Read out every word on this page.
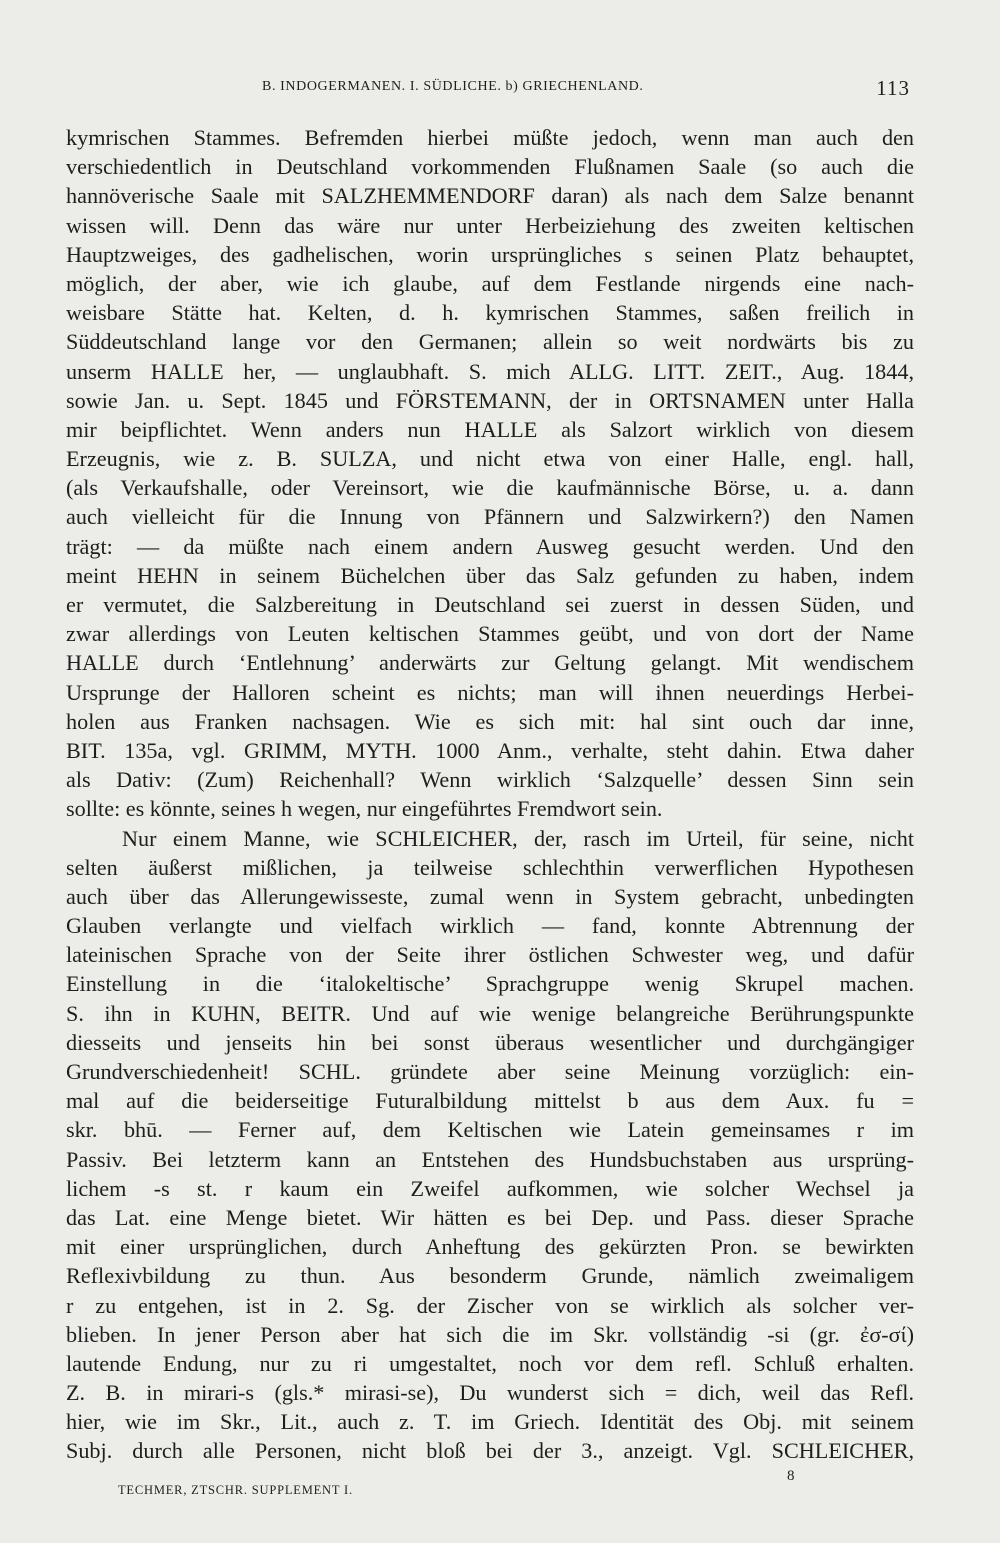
B. INDOGERMANEN. I. SÜDLICHE. b) GRIECHENLAND.	113
kymrischen Stammes. Befremden hierbei müßte jedoch, wenn man auch den
verschiedentlich in Deutschland vorkommenden Flußnamen Saale (so auch die
hannöverische Saale mit SALZHEMMENDORF daran) als nach dem Salze benannt
wissen will. Denn das wäre nur unter Herbeiziehung des zweiten keltischen
Hauptzweiges, des gadhelischen, worin ursprüngliches s seinen Platz behauptet,
möglich, der aber, wie ich glaube, auf dem Festlande nirgends eine nach-
weisbare Stätte hat. Kelten, d. h. kymrischen Stammes, saßen freilich in
Süddeutschland lange vor den Germanen; allein so weit nordwärts bis zu
unserm HALLE her, — unglaubhaft. S. mich ALLG. LITT. ZEIT., Aug. 1844,
sowie Jan. u. Sept. 1845 und FÖRSTEMANN, der in ORTSNAMEN unter Halla
mir beipflichtet. Wenn anders nun HALLE als Salzort wirklich von diesem
Erzeugnis, wie z. B. SULZA, und nicht etwa von einer Halle, engl. hall,
(als Verkaufshalle, oder Vereinsort, wie die kaufmännische Börse, u. a. dann
auch vielleicht für die Innung von Pfännern und Salzwirkern?) den Namen
trägt: — da müßte nach einem andern Ausweg gesucht werden. Und den
meint HEHN in seinem Büchelchen über das Salz gefunden zu haben, indem
er vermutet, die Salzbereitung in Deutschland sei zuerst in dessen Süden, und
zwar allerdings von Leuten keltischen Stammes geübt, und von dort der Name
HALLE durch ‘Entlehnung’ anderwärts zur Geltung gelangt. Mit wendischem
Ursprunge der Halloren scheint es nichts; man will ihnen neuerdings Herbei-
holen aus Franken nachsagen. Wie es sich mit: hal sint ouch dar inne,
BIT. 135a, vgl. GRIMM, MYTH. 1000 Anm., verhalte, steht dahin. Etwa daher
als Dativ: (Zum) Reichenhall? Wenn wirklich ‘Salzquelle’ dessen Sinn sein
sollte: es könnte, seines h wegen, nur eingeführtes Fremdwort sein.
Nur einem Manne, wie SCHLEICHER, der, rasch im Urteil, für seine, nicht
selten äußerst mißlichen, ja teilweise schlechthin verwerflichen Hypothesen
auch über das Allerungewisseste, zumal wenn in System gebracht, unbedingten
Glauben verlangte und vielfach wirklich — fand, konnte Abtrennung der
lateinischen Sprache von der Seite ihrer östlichen Schwester weg, und dafür
Einstellung in die ‘italokeltische’ Sprachgruppe wenig Skrupel machen.
S. ihn in KUHN, BEITR. Und auf wie wenige belangreiche Berührungspunkte
diesseits und jenseits hin bei sonst überaus wesentlicher und durchgängiger
Grundverschiedenheit! SCHL. gründete aber seine Meinung vorzüglich: ein-
mal auf die beiderseitige Futuralbildung mittelst b aus dem Aux. fu =
skr. bhū. — Ferner auf, dem Keltischen wie Latein gemeinsames r im
Passiv. Bei letzterm kann an Entstehen des Hundsbuchstaben aus ursprüng-
lichem -s st. r kaum ein Zweifel aufkommen, wie solcher Wechsel ja
das Lat. eine Menge bietet. Wir hätten es bei Dep. und Pass. dieser Sprache
mit einer ursprünglichen, durch Anheftung des gekürzten Pron. se bewirkten
Reflexivbildung zu thun. Aus besonderm Grunde, nämlich zweimaligem
r zu entgehen, ist in 2. Sg. der Zischer von se wirklich als solcher ver-
blieben. In jener Person aber hat sich die im Skr. vollständig -si (gr. ἐσ-σί)
lautende Endung, nur zu ri umgestaltet, noch vor dem refl. Schluß erhalten.
Z. B. in mirari-s (gls.* mirasi-se), Du wunderst sich = dich, weil das Refl.
hier, wie im Skr., Lit., auch z. T. im Griech. Identität des Obj. mit seinem
Subj. durch alle Personen, nicht bloß bei der 3., anzeigt. Vgl. SCHLEICHER,
TECHMER, ZTSCHR. SUPPLEMENT I.
8
